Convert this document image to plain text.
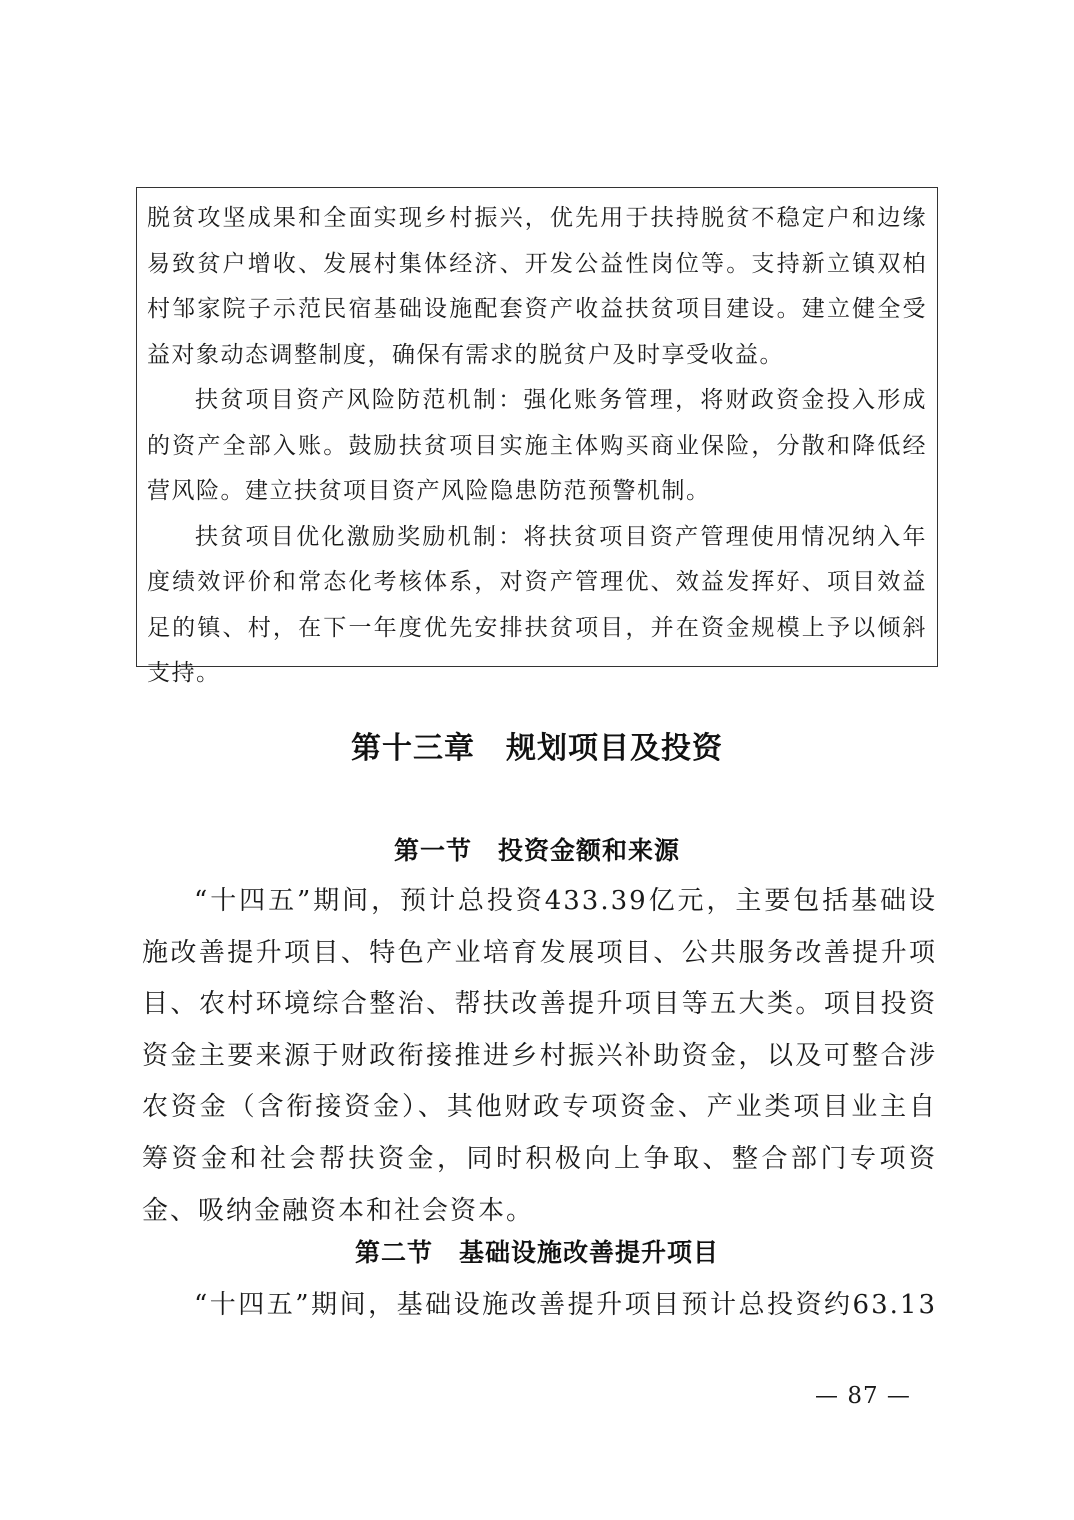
脱贫攻坚成果和全面实现乡村振兴，优先用于扶持脱贫不稳定户和边缘易致贫户增收、发展村集体经济、开发公益性岗位等。支持新立镇双柏村邹家院子示范民宿基础设施配套资产收益扶贫项目建设。建立健全受益对象动态调整制度，确保有需求的脱贫户及时享受收益。

扶贫项目资产风险防范机制：强化账务管理，将财政资金投入形成的资产全部入账。鼓励扶贫项目实施主体购买商业保险，分散和降低经营风险。建立扶贫项目资产风险隐患防范预警机制。

扶贫项目优化激励奖励机制：将扶贫项目资产管理使用情况纳入年度绩效评价和常态化考核体系，对资产管理优、效益发挥好、项目效益足的镇、村，在下一年度优先安排扶贫项目，并在资金规模上予以倾斜支持。

第十三章　规划项目及投资
第一节　投资金额和来源

“十四五”期间，预计总投资433.39亿元，主要包括基础设施改善提升项目、特色产业培育发展项目、公共服务改善提升项目、农村环境综合整治、帮扶改善提升项目等五大类。项目投资资金主要来源于财政衔接推进乡村振兴补助资金，以及可整合涉农资金（含衔接资金）、其他财政专项资金、产业类项目业主自筹资金和社会帮扶资金，同时积极向上争取、整合部门专项资金、吸纳金融资本和社会资本。

第二节　基础设施改善提升项目

“十四五”期间，基础设施改善提升项目预计总投资约63.13

— 87 —
